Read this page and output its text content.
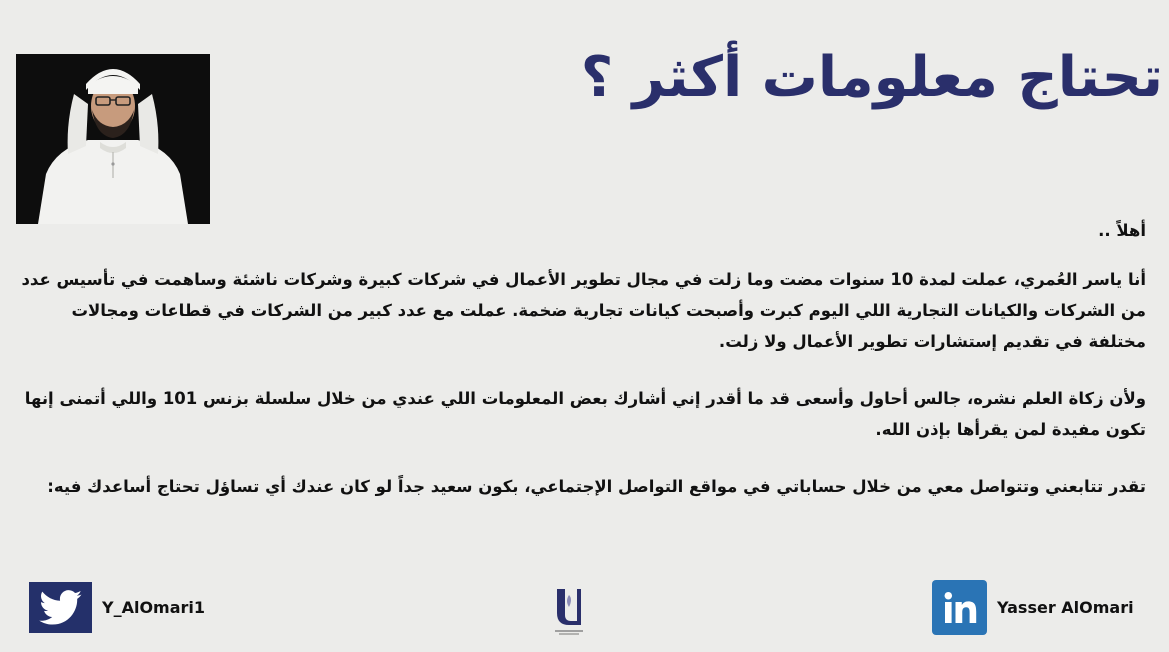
تحتاج معلومات أكثر ؟

أهلاً ..

أنا ياسر العُمري، عملت لمدة 10 سنوات مضت وما زلت في مجال تطوير الأعمال في شركات كبيرة وشركات ناشئة وساهمت في تأسيس عدد من الشركات والكيانات التجارية اللي اليوم كبرت وأصبحت كيانات تجارية ضخمة. عملت مع عدد كبير من الشركات في قطاعات ومجالات مختلفة في تقديم إستشارات تطوير الأعمال ولا زلت.

ولأن زكاة العلم نشره، جالس أحاول وأسعى قد ما أقدر إني أشارك بعض المعلومات اللي عندي من خلال سلسلة بزنس 101 واللي أتمنى إنها تكون مفيدة لمن يقرأها بإذن الله.

تقدر تتابعني وتتواصل معي من خلال حساباتي في مواقع التواصل الإجتماعي، بكون سعيد جداً لو كان عندك أي تساؤل تحتاج أساعدك فيه:

Y_AlOmari1	Yasser AlOmari
